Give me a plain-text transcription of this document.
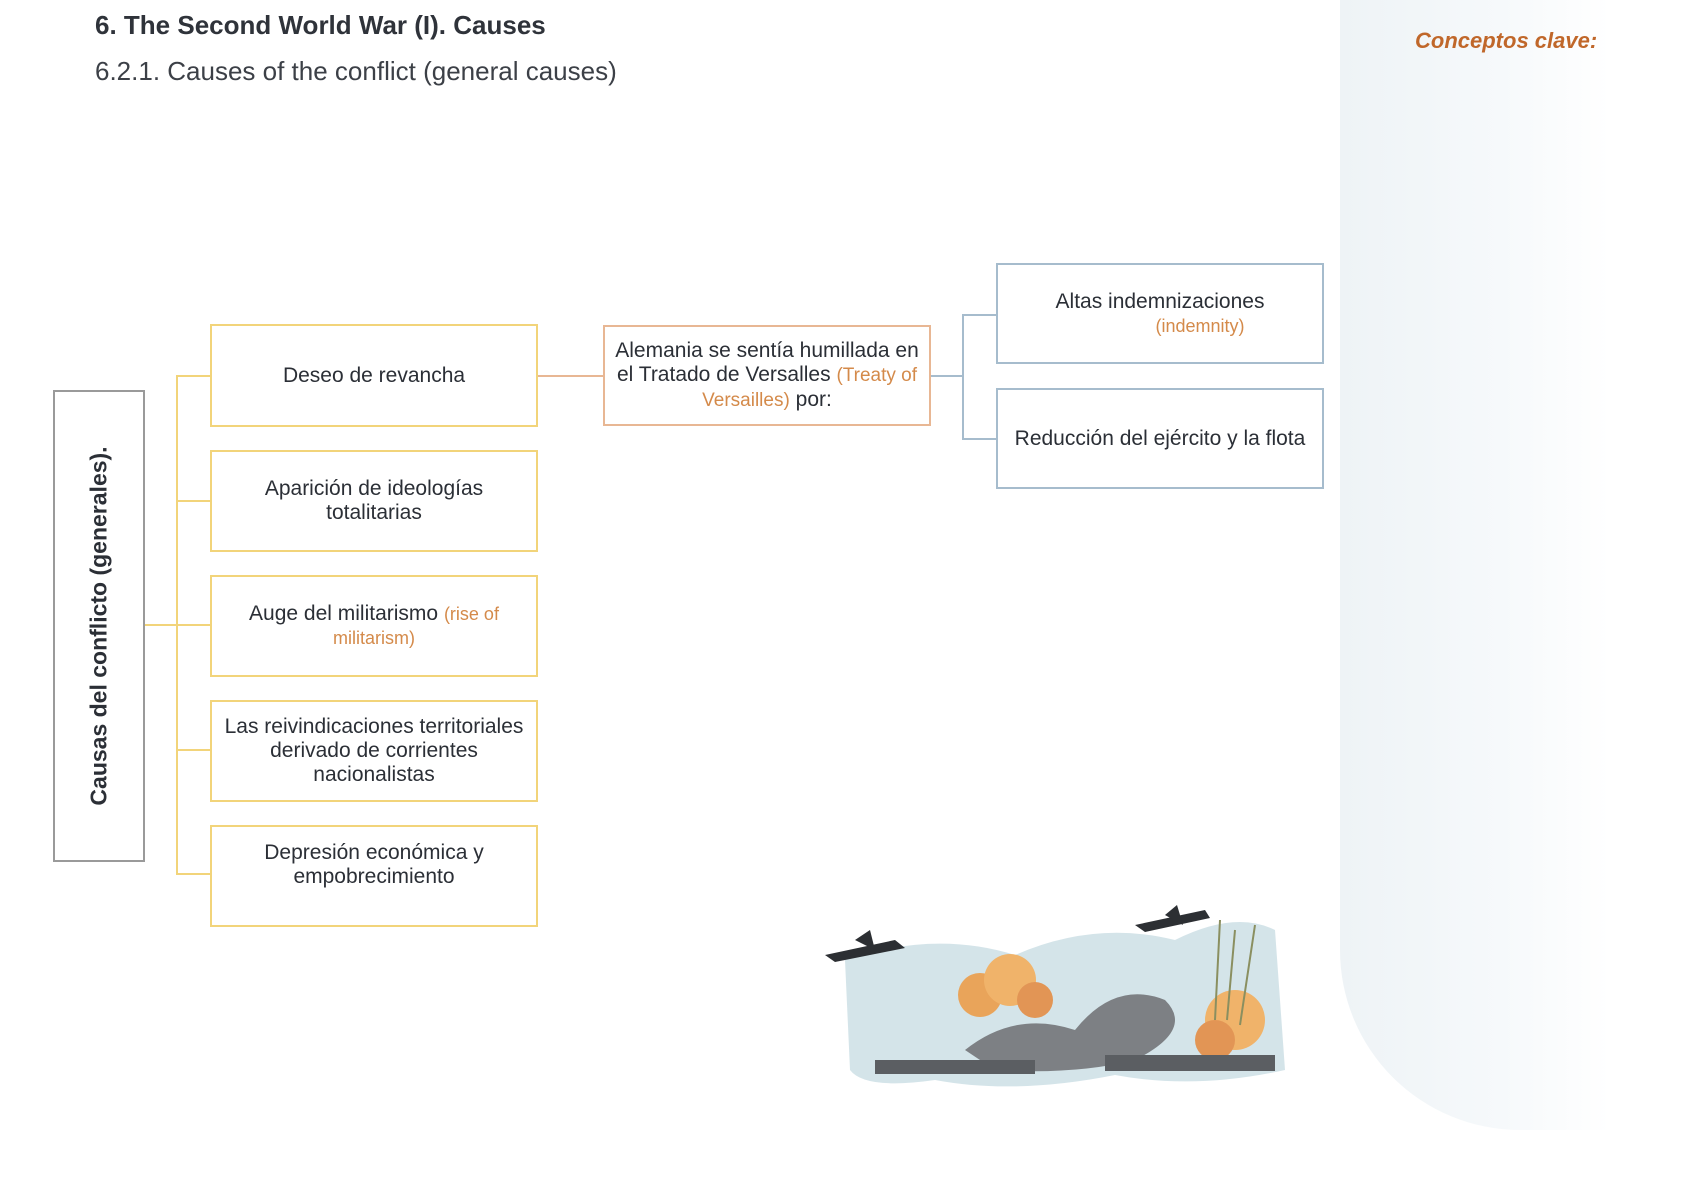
Conceptos clave:
6. The Second World War (I). Causes
6.2.1. Causes of the conflict (general causes)
Causas del conflicto (generales).
Deseo de revancha
Aparición de ideologías totalitarias
Auge del militarismo (rise of militarism)
Las reivindicaciones territoriales derivado de corrientes nacionalistas
Depresión económica y empobrecimiento
Alemania se sentía humillada en el Tratado de Versalles (Treaty of Versailles) por:
Altas indemnizaciones
(indemnity)
Reducción del ejército y la flota
